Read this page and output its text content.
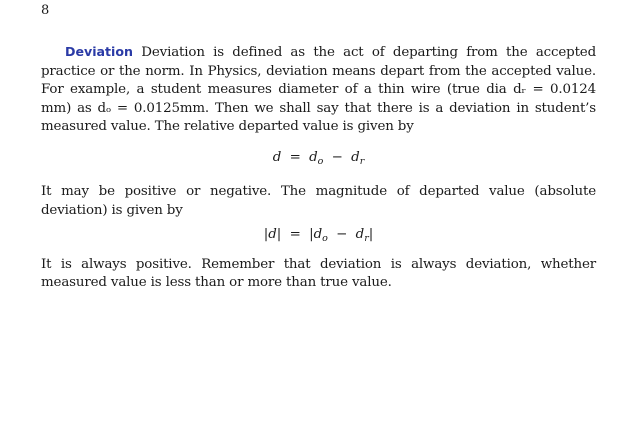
8

Deviation Deviation is defined as the act of departing from the accepted practice or the norm. In Physics, deviation means depart from the accepted value. For example, a student measures diameter of a thin wire (true dia dᵣ = 0.0124 mm) as dₒ = 0.0125mm. Then we shall say that there is a deviation in student’s measured value. The relative departed value is given by

$d = d_o - d_r$

It may be positive or negative. The magnitude of departed value (absolute deviation) is given by

$|d| = |d_o - d_r|$

It is always positive. Remember that deviation is always deviation, whether measured value is less than or more than true value.
